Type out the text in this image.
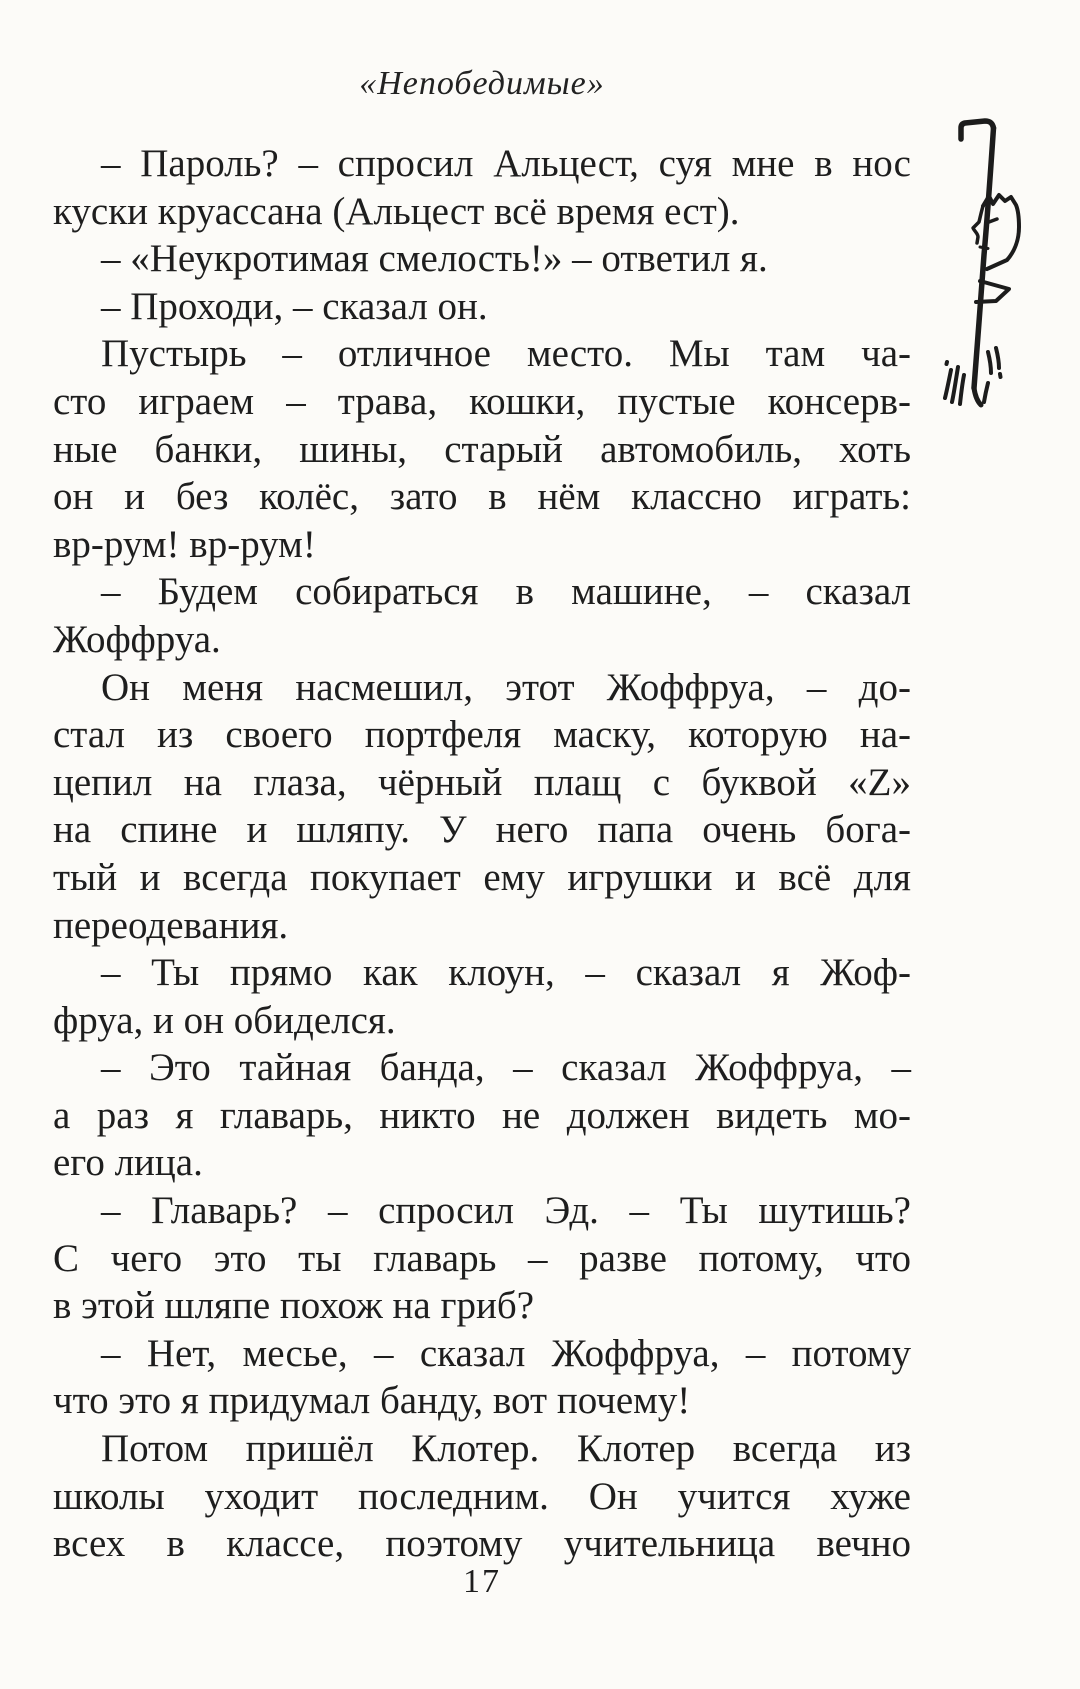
«Непобедимые»
– Пароль? – спросил Альцест, суя мне в нос
куски круассана (Альцест всё время ест).
– «Неукротимая смелость!» – ответил я.
– Проходи, – сказал он.
Пустырь – отличное место. Мы там ча-
сто играем – трава, кошки, пустые консерв-
ные банки, шины, старый автомобиль, хоть
он и без колёс, зато в нём классно играть:
вр-рум! вр-рум!
– Будем собираться в машине, – сказал
Жоффруа.
Он меня насмешил, этот Жоффруа, – до-
стал из своего портфеля маску, которую на-
цепил на глаза, чёрный плащ с буквой «Z»
на спине и шляпу. У него папа очень бога-
тый и всегда покупает ему игрушки и всё для
переодевания.
– Ты прямо как клоун, – сказал я Жоф-
фруа, и он обиделся.
– Это тайная банда, – сказал Жоффруа, –
а раз я главарь, никто не должен видеть мо-
его лица.
– Главарь? – спросил Эд. – Ты шутишь?
С чего это ты главарь – разве потому, что
в этой шляпе похож на гриб?
– Нет, месье, – сказал Жоффруа, – потому
что это я придумал банду, вот почему!
Потом пришёл Клотер. Клотер всегда из
школы уходит последним. Он учится хуже
всех в классе, поэтому учительница вечно
17
